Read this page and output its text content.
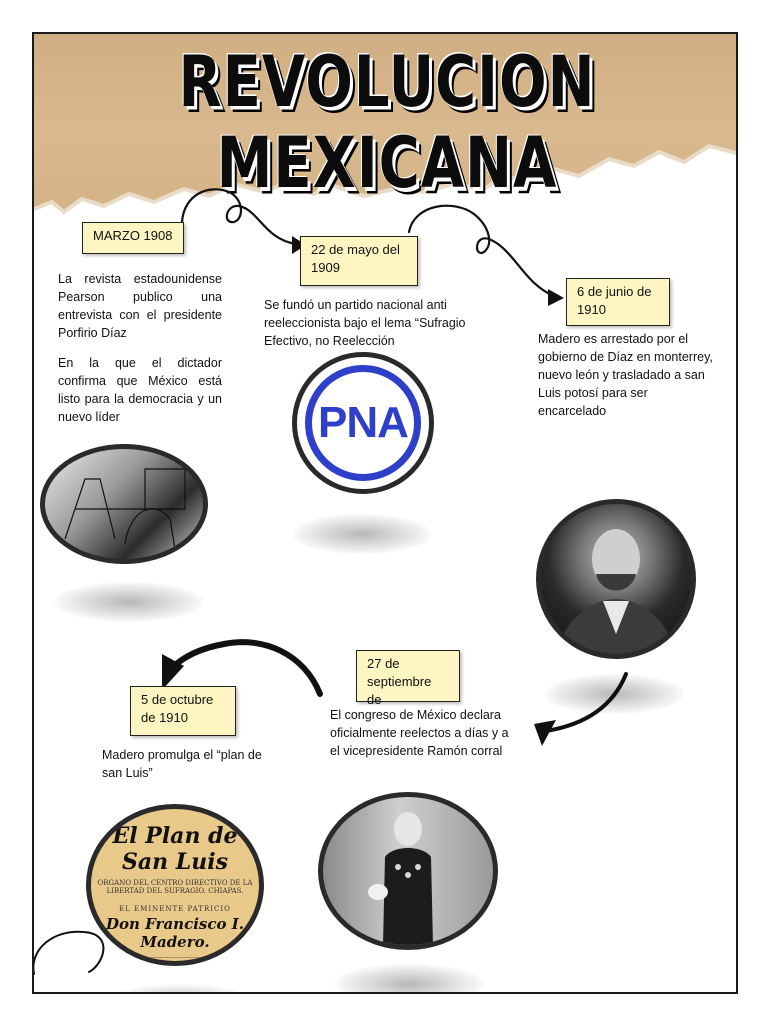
REVOLUCION MEXICANA
MARZO 1908
La revista estadounidense Pearson publico una entrevista con el presidente Porfirio Díaz
En la que el dictador confirma que México está listo para la democracia y un nuevo líder
22 de mayo del 1909
Se fundó un partido nacional anti reeleccionista bajo el lema “Sufragio Efectivo, no Reelección
PNA
6 de junio de 1910
Madero es arrestado por el gobierno de Díaz en monterrey, nuevo león y trasladado a san Luis potosí para ser encarcelado
27 de septiembre de
El congreso de México declara oficialmente reelectos a días y a el vicepresidente Ramón corral
5 de octubre de 1910
Madero promulga el “plan de san Luis”
El Plan de San Luis
ORGANO DEL CENTRO DIRECTIVO DE LA LIBERTAD DEL SUFRAGIO. CHIAPAS.
EL EMINENTE PATRICIO
Don Francisco I. Madero.
